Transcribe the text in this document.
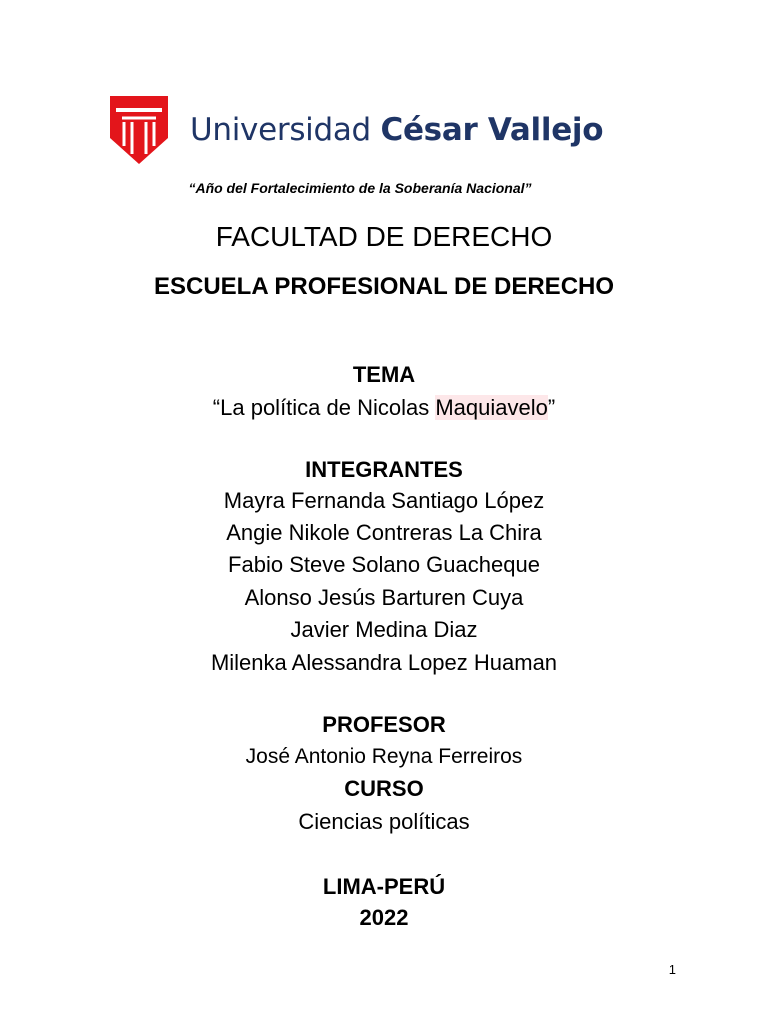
Universidad César Vallejo
“Año del Fortalecimiento de la Soberanía Nacional”
FACULTAD DE DERECHO
ESCUELA PROFESIONAL DE DERECHO
TEMA
“La política de Nicolas Maquiavelo”
INTEGRANTES
Mayra Fernanda Santiago López
Angie Nikole Contreras La Chira
Fabio Steve Solano Guacheque
Alonso Jesús Barturen Cuya
Javier Medina Diaz
Milenka Alessandra Lopez Huaman
PROFESOR
José Antonio Reyna Ferreiros
CURSO
Ciencias políticas
LIMA-PERÚ
2022
1
